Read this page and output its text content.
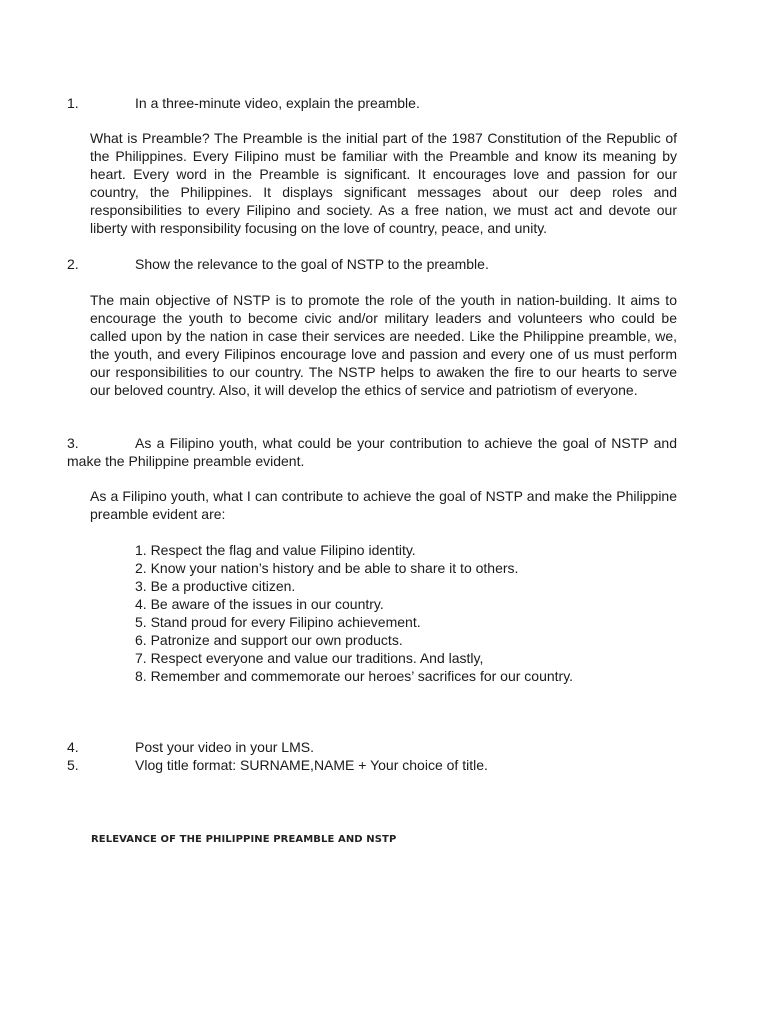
1.	In a three-minute video, explain the preamble.

What is Preamble? The Preamble is the initial part of the 1987 Constitution of the Republic of the Philippines. Every Filipino must be familiar with the Preamble and know its meaning by heart. Every word in the Preamble is significant. It encourages love and passion for our country, the Philippines. It displays significant messages about our deep roles and responsibilities to every Filipino and society. As a free nation, we must act and devote our liberty with responsibility focusing on the love of country, peace, and unity.

2.	Show the relevance to the goal of NSTP to the preamble.

The main objective of NSTP is to promote the role of the youth in nation-building. It aims to encourage the youth to become civic and/or military leaders and volunteers who could be called upon by the nation in case their services are needed. Like the Philippine preamble, we, the youth, and every Filipinos encourage love and passion and every one of us must perform our responsibilities to our country. The NSTP helps to awaken the fire to our hearts to serve our beloved country. Also, it will develop the ethics of service and patriotism of everyone.

3.	As a Filipino youth, what could be your contribution to achieve the goal of NSTP and make the Philippine preamble evident.

As a Filipino youth, what I can contribute to achieve the goal of NSTP and make the Philippine preamble evident are:

1. Respect the flag and value Filipino identity.
2. Know your nation’s history and be able to share it to others.
3. Be a productive citizen.
4. Be aware of the issues in our country.
5. Stand proud for every Filipino achievement.
6. Patronize and support our own products.
7. Respect everyone and value our traditions. And lastly,
8. Remember and commemorate our heroes’ sacrifices for our country.
4.	Post your video in your LMS.
5.	Vlog title format: SURNAME,NAME + Your choice of title.
RELEVANCE OF THE PHILIPPINE PREAMBLE AND NSTP
